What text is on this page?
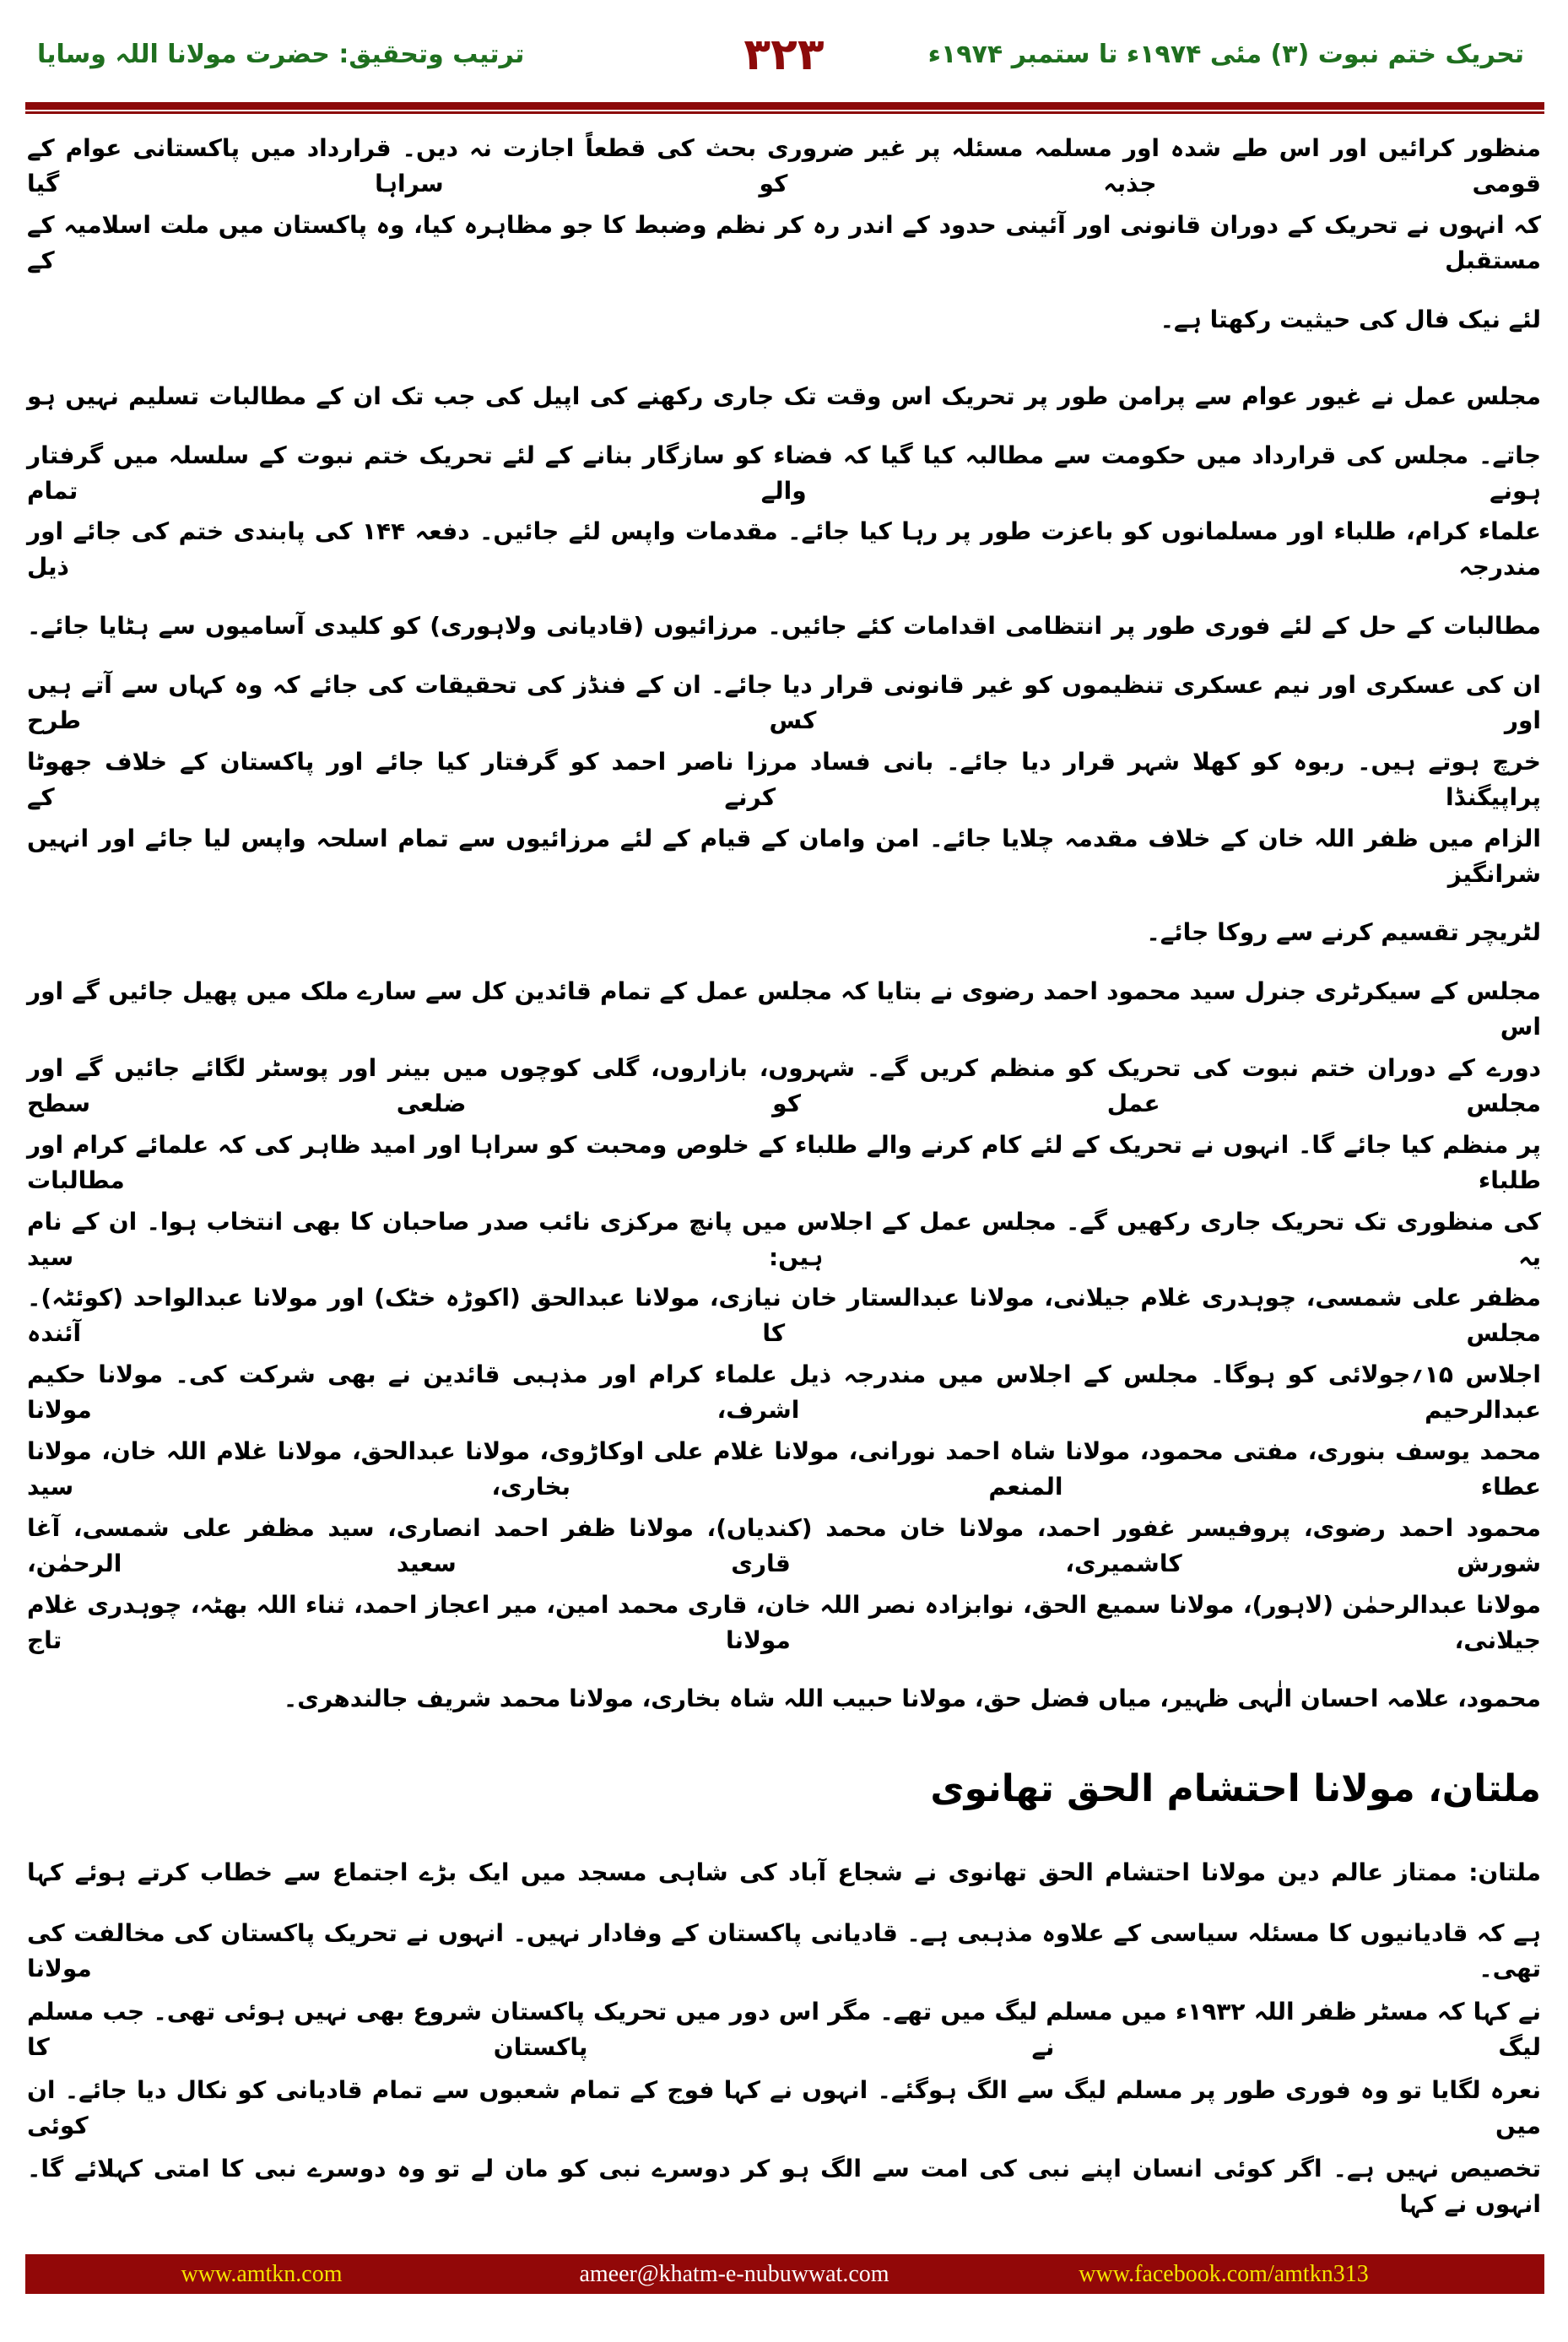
تحریک ختم نبوت (۳) مئی ۱۹۷۴ء تا ستمبر ۱۹۷۴ء
۳۲۳
ترتیب وتحقیق: حضرت مولانا اللہ وسایا
منظور کرائیں اور اس طے شدہ اور مسلمہ مسئلہ پر غیر ضروری بحث کی قطعاً اجازت نہ دیں۔ قرارداد میں پاکستانی عوام کے قومی جذبہ کو سراہا گیا
کہ انہوں نے تحریک کے دوران قانونی اور آئینی حدود کے اندر رہ کر نظم وضبط کا جو مظاہرہ کیا، وہ پاکستان میں ملت اسلامیہ کے مستقبل کے
لئے نیک فال کی حیثیت رکھتا ہے۔
مجلس عمل نے غیور عوام سے پرامن طور پر تحریک اس وقت تک جاری رکھنے کی اپیل کی جب تک ان کے مطالبات تسلیم نہیں ہو
جاتے۔ مجلس کی قرارداد میں حکومت سے مطالبہ کیا گیا کہ فضاء کو سازگار بنانے کے لئے تحریک ختم نبوت کے سلسلہ میں گرفتار ہونے والے تمام
علماء کرام، طلباء اور مسلمانوں کو باعزت طور پر رہا کیا جائے۔ مقدمات واپس لئے جائیں۔ دفعہ ۱۴۴ کی پابندی ختم کی جائے اور مندرجہ ذیل
مطالبات کے حل کے لئے فوری طور پر انتظامی اقدامات کئے جائیں۔ مرزائیوں (قادیانی ولاہوری) کو کلیدی آسامیوں سے ہٹایا جائے۔
ان کی عسکری اور نیم عسکری تنظیموں کو غیر قانونی قرار دیا جائے۔ ان کے فنڈز کی تحقیقات کی جائے کہ وہ کہاں سے آتے ہیں اور کس طرح
خرچ ہوتے ہیں۔ ربوہ کو کھلا شہر قرار دیا جائے۔ بانی فساد مرزا ناصر احمد کو گرفتار کیا جائے اور پاکستان کے خلاف جھوٹا پراپیگنڈا کرنے کے
الزام میں ظفر اللہ خان کے خلاف مقدمہ چلایا جائے۔ امن وامان کے قیام کے لئے مرزائیوں سے تمام اسلحہ واپس لیا جائے اور انہیں شرانگیز
لٹریچر تقسیم کرنے سے روکا جائے۔
مجلس کے سیکرٹری جنرل سید محمود احمد رضوی نے بتایا کہ مجلس عمل کے تمام قائدین کل سے سارے ملک میں پھیل جائیں گے اور اس
دورے کے دوران ختم نبوت کی تحریک کو منظم کریں گے۔ شہروں، بازاروں، گلی کوچوں میں بینر اور پوسٹر لگائے جائیں گے اور مجلس عمل کو ضلعی سطح
پر منظم کیا جائے گا۔ انہوں نے تحریک کے لئے کام کرنے والے طلباء کے خلوص ومحبت کو سراہا اور امید ظاہر کی کہ علمائے کرام اور طلباء مطالبات
کی منظوری تک تحریک جاری رکھیں گے۔ مجلس عمل کے اجلاس میں پانچ مرکزی نائب صدر صاحبان کا بھی انتخاب ہوا۔ ان کے نام یہ ہیں: سید
مظفر علی شمسی، چوہدری غلام جیلانی، مولانا عبدالستار خان نیازی، مولانا عبدالحق (اکوڑہ خٹک) اور مولانا عبدالواحد (کوئٹہ)۔ مجلس کا آئندہ
اجلاس ۱۵؍جولائی کو ہوگا۔ مجلس کے اجلاس میں مندرجہ ذیل علماء کرام اور مذہبی قائدین نے بھی شرکت کی۔ مولانا حکیم عبدالرحیم اشرف، مولانا
محمد یوسف بنوری، مفتی محمود، مولانا شاہ احمد نورانی، مولانا غلام علی اوکاڑوی، مولانا عبدالحق، مولانا غلام اللہ خان، مولانا عطاء المنعم بخاری، سید
محمود احمد رضوی، پروفیسر غفور احمد، مولانا خان محمد (کندیاں)، مولانا ظفر احمد انصاری، سید مظفر علی شمسی، آغا شورش کاشمیری، قاری سعید الرحمٰن،
مولانا عبدالرحمٰن (لاہور)، مولانا سمیع الحق، نوابزادہ نصر اللہ خان، قاری محمد امین، میر اعجاز احمد، ثناء اللہ بھٹہ، چوہدری غلام جیلانی، مولانا تاج
محمود، علامہ احسان الٰہی ظہیر، میاں فضل حق، مولانا حبیب اللہ شاہ بخاری، مولانا محمد شریف جالندھری۔
ملتان، مولانا احتشام الحق تھانوی
ملتان: ممتاز عالم دین مولانا احتشام الحق تھانوی نے شجاع آباد کی شاہی مسجد میں ایک بڑے اجتماع سے خطاب کرتے ہوئے کہا
ہے کہ قادیانیوں کا مسئلہ سیاسی کے علاوہ مذہبی ہے۔ قادیانی پاکستان کے وفادار نہیں۔ انہوں نے تحریک پاکستان کی مخالفت کی تھی۔ مولانا
نے کہا کہ مسٹر ظفر اللہ ۱۹۳۲ء میں مسلم لیگ میں تھے۔ مگر اس دور میں تحریک پاکستان شروع بھی نہیں ہوئی تھی۔ جب مسلم لیگ نے پاکستان کا
نعرہ لگایا تو وہ فوری طور پر مسلم لیگ سے الگ ہوگئے۔ انہوں نے کہا فوج کے تمام شعبوں سے تمام قادیانی کو نکال دیا جائے۔ ان میں کوئی
تخصیص نہیں ہے۔ اگر کوئی انسان اپنے نبی کی امت سے الگ ہو کر دوسرے نبی کو مان لے تو وہ دوسرے نبی کا امتی کہلائے گا۔ انہوں نے کہا
www.amtkn.com	ameer@khatm-e-nubuwwat.com	www.facebook.com/amtkn313
